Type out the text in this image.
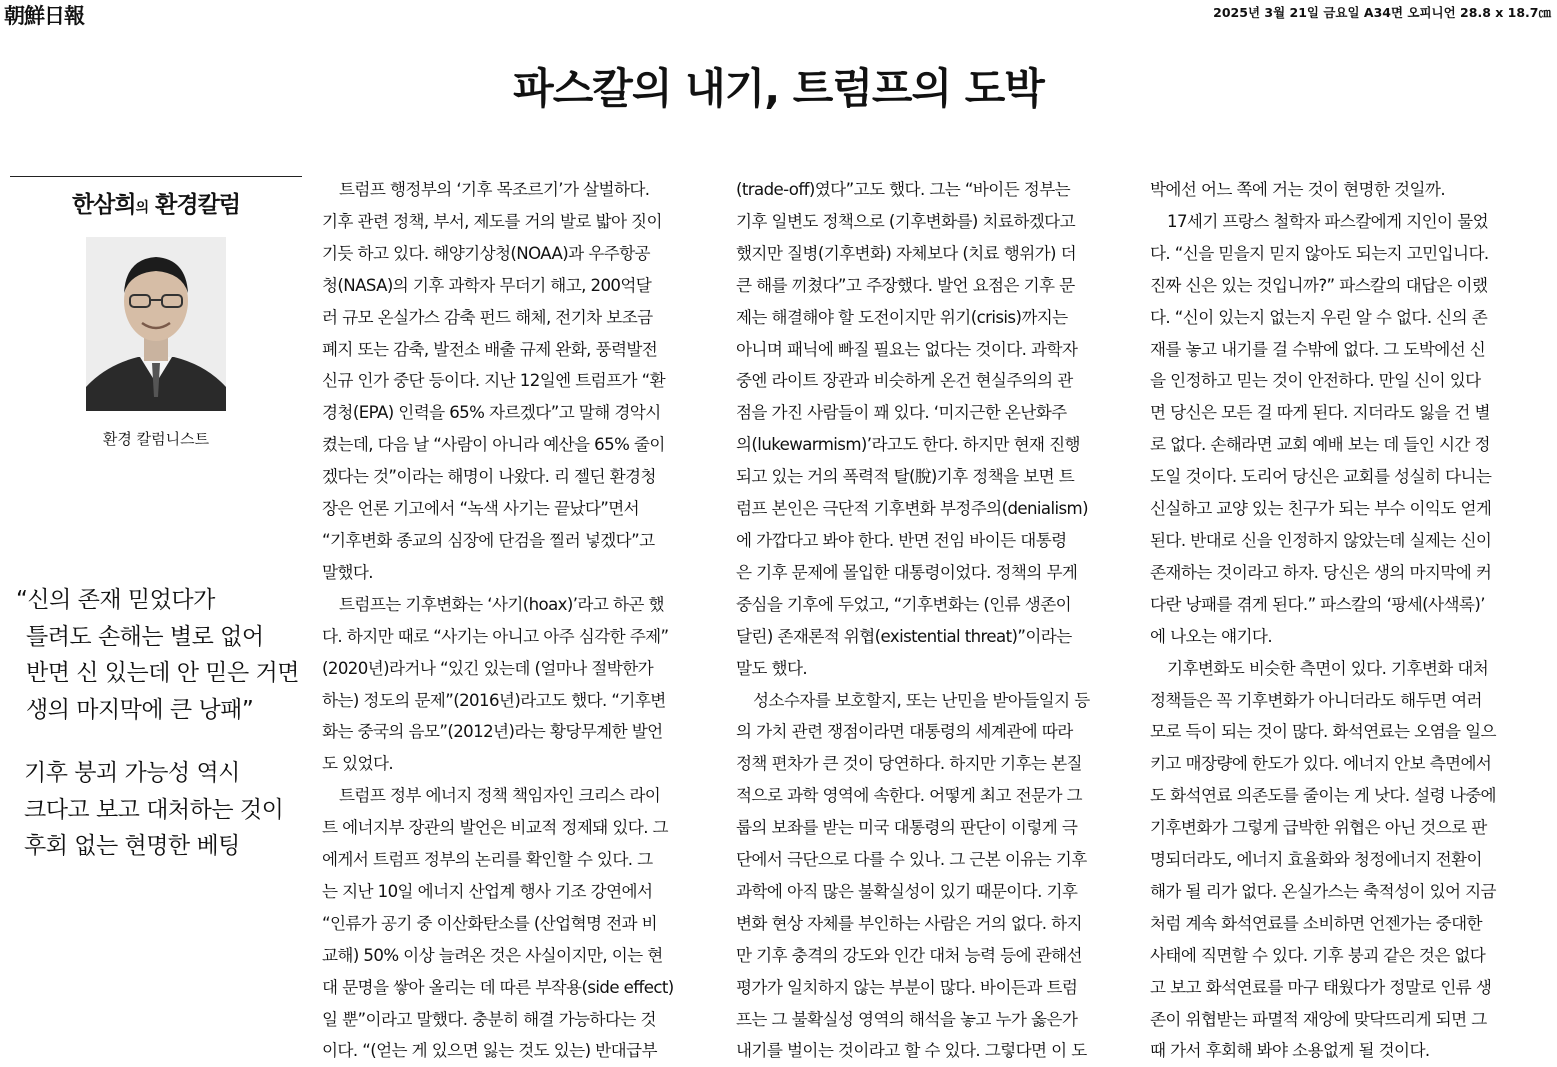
朝鮮日報	2025년 3월 21일 금요일 A34면 오피니언 28.8 x 18.7㎝
파스칼의 내기, 트럼프의 도박
한삼희의 환경칼럼
환경 칼럼니스트
“신의 존재 믿었다가
틀려도 손해는 별로 없어
반면 신 있는데 안 믿은 거면
생의 마지막에 큰 낭패”
기후 붕괴 가능성 역시
크다고 보고 대처하는 것이
후회 없는 현명한 베팅
트럼프 행정부의 ‘기후 목조르기’가 살벌하다.
기후 관련 정책, 부서, 제도를 거의 발로 밟아 짓이
기듯 하고 있다. 해양기상청(NOAA)과 우주항공
청(NASA)의 기후 과학자 무더기 해고, 200억달
러 규모 온실가스 감축 펀드 해체, 전기차 보조금
폐지 또는 감축, 발전소 배출 규제 완화, 풍력발전
신규 인가 중단 등이다. 지난 12일엔 트럼프가 “환
경청(EPA) 인력을 65% 자르겠다”고 말해 경악시
켰는데, 다음 날 “사람이 아니라 예산을 65% 줄이
겠다는 것”이라는 해명이 나왔다. 리 젤딘 환경청
장은 언론 기고에서 “녹색 사기는 끝났다”면서
“기후변화 종교의 심장에 단검을 찔러 넣겠다”고
말했다.
트럼프는 기후변화는 ‘사기(hoax)’라고 하곤 했
다. 하지만 때로 “사기는 아니고 아주 심각한 주제”
(2020년)라거나 “있긴 있는데 (얼마나 절박한가
하는) 정도의 문제”(2016년)라고도 했다. “기후변
화는 중국의 음모”(2012년)라는 황당무계한 발언
도 있었다.
트럼프 정부 에너지 정책 책임자인 크리스 라이
트 에너지부 장관의 발언은 비교적 정제돼 있다. 그
에게서 트럼프 정부의 논리를 확인할 수 있다. 그
는 지난 10일 에너지 산업계 행사 기조 강연에서
“인류가 공기 중 이산화탄소를 (산업혁명 전과 비
교해) 50% 이상 늘려온 것은 사실이지만, 이는 현
대 문명을 쌓아 올리는 데 따른 부작용(side effect)
일 뿐”이라고 말했다. 충분히 해결 가능하다는 것
이다. “(얻는 게 있으면 잃는 것도 있는) 반대급부
(trade-off)였다”고도 했다. 그는 “바이든 정부는
기후 일변도 정책으로 (기후변화를) 치료하겠다고
했지만 질병(기후변화) 자체보다 (치료 행위가) 더
큰 해를 끼쳤다”고 주장했다. 발언 요점은 기후 문
제는 해결해야 할 도전이지만 위기(crisis)까지는
아니며 패닉에 빠질 필요는 없다는 것이다. 과학자
중엔 라이트 장관과 비슷하게 온건 현실주의의 관
점을 가진 사람들이 꽤 있다. ‘미지근한 온난화주
의(lukewarmism)’라고도 한다. 하지만 현재 진행
되고 있는 거의 폭력적 탈(脫)기후 정책을 보면 트
럼프 본인은 극단적 기후변화 부정주의(denialism)
에 가깝다고 봐야 한다. 반면 전임 바이든 대통령
은 기후 문제에 몰입한 대통령이었다. 정책의 무게
중심을 기후에 두었고, “기후변화는 (인류 생존이
달린) 존재론적 위협(existential threat)”이라는
말도 했다.
성소수자를 보호할지, 또는 난민을 받아들일지 등
의 가치 관련 쟁점이라면 대통령의 세계관에 따라
정책 편차가 큰 것이 당연하다. 하지만 기후는 본질
적으로 과학 영역에 속한다. 어떻게 최고 전문가 그
룹의 보좌를 받는 미국 대통령의 판단이 이렇게 극
단에서 극단으로 다를 수 있나. 그 근본 이유는 기후
과학에 아직 많은 불확실성이 있기 때문이다. 기후
변화 현상 자체를 부인하는 사람은 거의 없다. 하지
만 기후 충격의 강도와 인간 대처 능력 등에 관해선
평가가 일치하지 않는 부분이 많다. 바이든과 트럼
프는 그 불확실성 영역의 해석을 놓고 누가 옳은가
내기를 벌이는 것이라고 할 수 있다. 그렇다면 이 도
박에선 어느 쪽에 거는 것이 현명한 것일까.
17세기 프랑스 철학자 파스칼에게 지인이 물었
다. “신을 믿을지 믿지 않아도 되는지 고민입니다.
진짜 신은 있는 것입니까?” 파스칼의 대답은 이랬
다. “신이 있는지 없는지 우린 알 수 없다. 신의 존
재를 놓고 내기를 걸 수밖에 없다. 그 도박에선 신
을 인정하고 믿는 것이 안전하다. 만일 신이 있다
면 당신은 모든 걸 따게 된다. 지더라도 잃을 건 별
로 없다. 손해라면 교회 예배 보는 데 들인 시간 정
도일 것이다. 도리어 당신은 교회를 성실히 다니는
신실하고 교양 있는 친구가 되는 부수 이익도 얻게
된다. 반대로 신을 인정하지 않았는데 실제는 신이
존재하는 것이라고 하자. 당신은 생의 마지막에 커
다란 낭패를 겪게 된다.” 파스칼의 ‘팡세(사색록)’
에 나오는 얘기다.
기후변화도 비슷한 측면이 있다. 기후변화 대처
정책들은 꼭 기후변화가 아니더라도 해두면 여러
모로 득이 되는 것이 많다. 화석연료는 오염을 일으
키고 매장량에 한도가 있다. 에너지 안보 측면에서
도 화석연료 의존도를 줄이는 게 낫다. 설령 나중에
기후변화가 그렇게 급박한 위협은 아닌 것으로 판
명되더라도, 에너지 효율화와 청정에너지 전환이
해가 될 리가 없다. 온실가스는 축적성이 있어 지금
처럼 계속 화석연료를 소비하면 언젠가는 중대한
사태에 직면할 수 있다. 기후 붕괴 같은 것은 없다
고 보고 화석연료를 마구 태웠다가 정말로 인류 생
존이 위협받는 파멸적 재앙에 맞닥뜨리게 되면 그
때 가서 후회해 봐야 소용없게 될 것이다.
